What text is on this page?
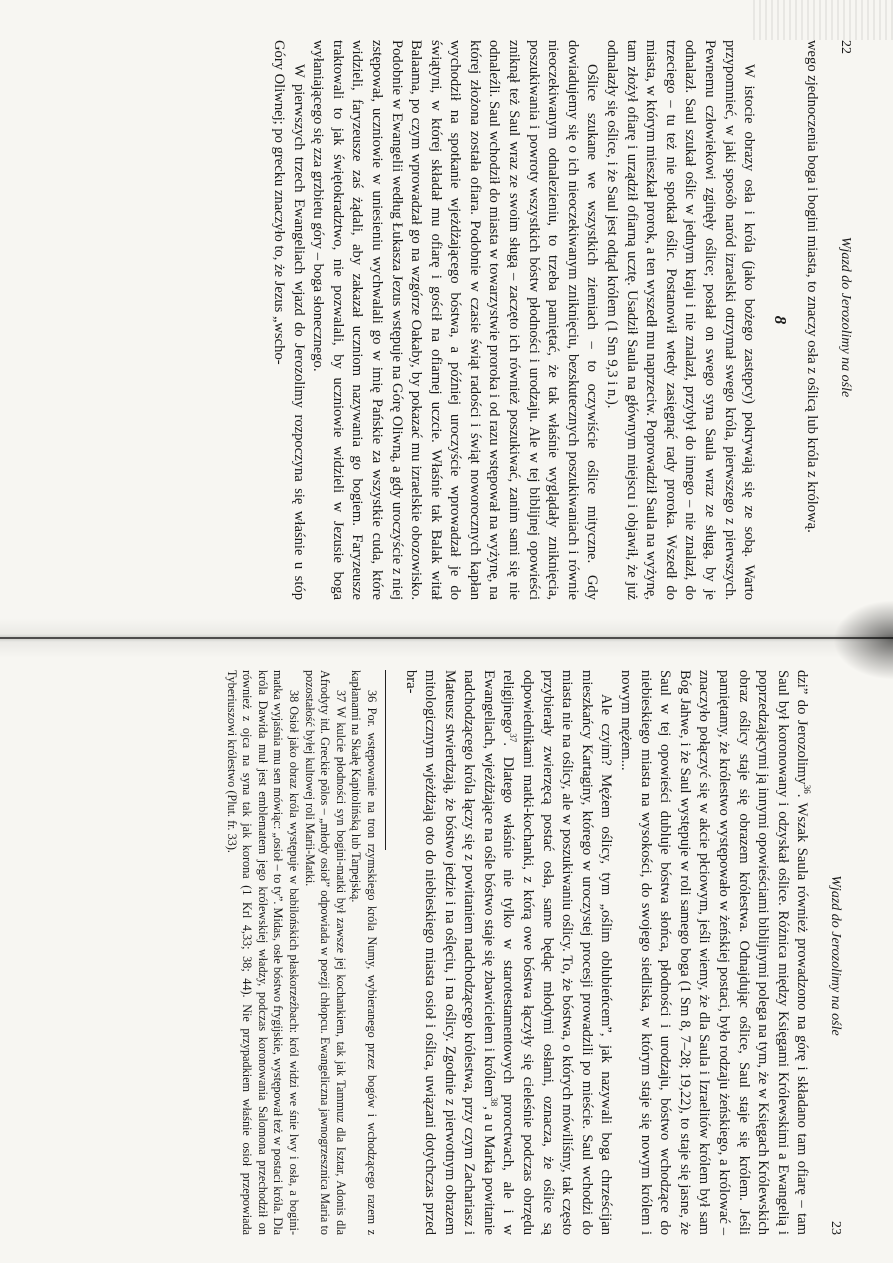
22
Wjazd do Jerozolimy na ośle

wego zjednoczenia boga i bogini miasta, to znaczy osła z oślicą lub króla z królową.

8

W istocie obrazy osła i króla (jako bożego zastępcy) pokrywają się ze sobą. Warto przypomnieć, w jaki sposób naród izraelski otrzymał swego króla, pierwszego z pierwszych. Pewnemu człowiekowi zginęły oślice; posłał on swego syna Saula wraz ze sługą, by je odnalazł. Saul szukał oślic w jednym kraju i nie znalazł, przybył do innego – nie znalazł, do trzeciego – tu też nie spotkał oślic. Postanowił wtedy zasięgnąć rady proroka. Wszedł do miasta, w którym mieszkał prorok, a ten wyszedł mu naprzeciw. Poprowadził Saula na wyżynę, tam złożył ofiarę i urządził ofiarną ucztę. Usadził Saula na głównym miejscu i objawił, że już odnalazły się oślice, i że Saul jest odtąd królem (1 Sm 9,3 i n.).

Oślice szukane we wszystkich ziemiach – to oczywiście oślice mityczne. Gdy dowiadujemy się o ich nieoczekiwanym zniknięciu, bezskutecznych poszukiwaniach i równie nieoczekiwanym odnalezieniu, to trzeba pamiętać, że tak właśnie wyglądały zniknięcia, poszukiwania i powroty wszystkich bóstw płodności i urodzaju. Ale w tej biblijnej opowieści zniknął też Saul wraz ze swoim sługą – zaczęto ich również poszukiwać, zanim sami się nie odnaleźli. Saul wchodził do miasta w towarzystwie proroka i od razu wstępował na wyżynę, na której złożona została ofiara. Podobnie w czasie świąt radości i świąt noworocznych kapłan wychodził na spotkanie wjeżdżającego bóstwa, a później uroczyście wprowadzał je do świątyni, w której składał mu ofiarę i gościł na ofiarnej uczcie. Właśnie tak Balak witał Balaama, po czym wprowadzał go na wzgórze Oakaby, by pokazać mu izraelskie obozowisko. Podobnie w Ewangelii według Łukasza Jezus wstępuje na Górę Oliwną, a gdy uroczyście z niej zstępował, uczniowie w uniesieniu wychwalali go w imię Pańskie za wszystkie cuda, które widzieli, faryzeusze zaś żądali, aby zakazał uczniom nazywania go bogiem. Faryzeusze traktowali to jak świętokradztwo, nie pozwalali, by uczniowie widzieli w Jezusie boga wyłaniającego się zza grzbietu góry – boga słonecznego.

W pierwszych trzech Ewangeliach wjazd do Jerozolimy rozpoczyna się właśnie u stóp Góry Oliwnej; po grecku znaczyło to, że Jezus „wscho-

Wjazd do Jerozolimy na ośle
23

dzi” do Jerozolimy$^{36}$. Wszak Saula również prowadzono na górę i składano tam ofiarę – tam Saul był koronowany i odzyskał oślice. Różnica między Księgami Królewskimi a Ewangelią i poprzedzającymi ją innymi opowieściami biblijnymi polega na tym, że w Księgach Królewskich obraz oślicy staje się obrazem królestwa. Odnajdując oślice, Saul staje się królem. Jeśli pamiętamy, że królestwo występowało w żeńskiej postaci, było rodzaju żeńskiego, a królować – znaczyło połączyć się w akcie płciowym, jeśli wiemy, że dla Saula i Izraelitów królem był sam Bóg Jahwe, i że Saul występuje w roli samego boga (1 Sm 8, 7–28; 19,22), to staje się jasne, że Saul w tej opowieści dubluje bóstwa słońca, płodności i urodzaju, bóstwo wchodzące do niebieskiego miasta na wysokości, do swojego siedliska, w którym staje się nowym królem i nowym mężem...

Ale czyim? Mężem oślicy, tym „oślim oblubieńcem”, jak nazywali boga chrześcijan mieszkańcy Kartaginy, którego w uroczystej procesji prowadzili po mieście. Saul wchodzi do miasta nie na oślicy, ale w poszukiwaniu oślicy. To, że bóstwa, o których mówiliśmy, tak często przybierały zwierzęcą postać osła, same będąc młodymi osłami, oznacza, że oślice są odpowiednikami matki-kochanki, z którą owe bóstwa łączyły się cieleśnie podczas obrzędu religijnego$^{37}$. Dlatego właśnie nie tylko w starotestamentowych proroctwach, ale i w Ewangeliach, wjeżdżające na ośle bóstwo staje się zbawicielem i królem$^{38}$, a u Marka powitanie nadchodzącego króla łączy się z powitaniem nadchodzącego królestwa, przy czym Zachariasz i Mateusz stwierdzają, że bóstwo jedzie i na oślęciu, i na oślicy. Zgodnie z pierwotnym obrazem mitologicznym wjeżdżają oto do niebieskiego miasta osioł i oślica, uwiązani dotychczas przed bra-

36 Por. wstępowanie na tron rzymskiego króla Numy, wybieranego przez bogów i wchodzącego razem z kapłanami na Skałę Kapitolińską lub Tarpejską.

37 W kulcie płodności syn bogini-matki był zawsze jej kochankiem, tak jak Tammuz dla Isztar, Adonis dla Afrodyty itd. Greckie pōlos – „młody osioł” odpowiada w poezji chłopcu. Ewangeliczna jawnogrzesznica Maria to pozostałość byłej kultowej roli Marii-Matki.

38 Osioł jako obraz króla występuje w babilońskich płaskorzeźbach: król widzi we śnie lwy i osła, a bogini-matka wyjaśnia mu sen mówiąc: „osioł – to ty”. Midas, osłe bóstwo frygijskie, występował też w postaci króla. Dla króla Dawida muł jest emblematem jego królewskiej władzy, podczas koronowania Salomona przechodził on również z ojca na syna tak jak korona (1 Krl 4,33; 38; 44). Nie przypadkiem właśnie osioł przepowiada Tyberiuszowi królestwo (Plut. fr. 33).
